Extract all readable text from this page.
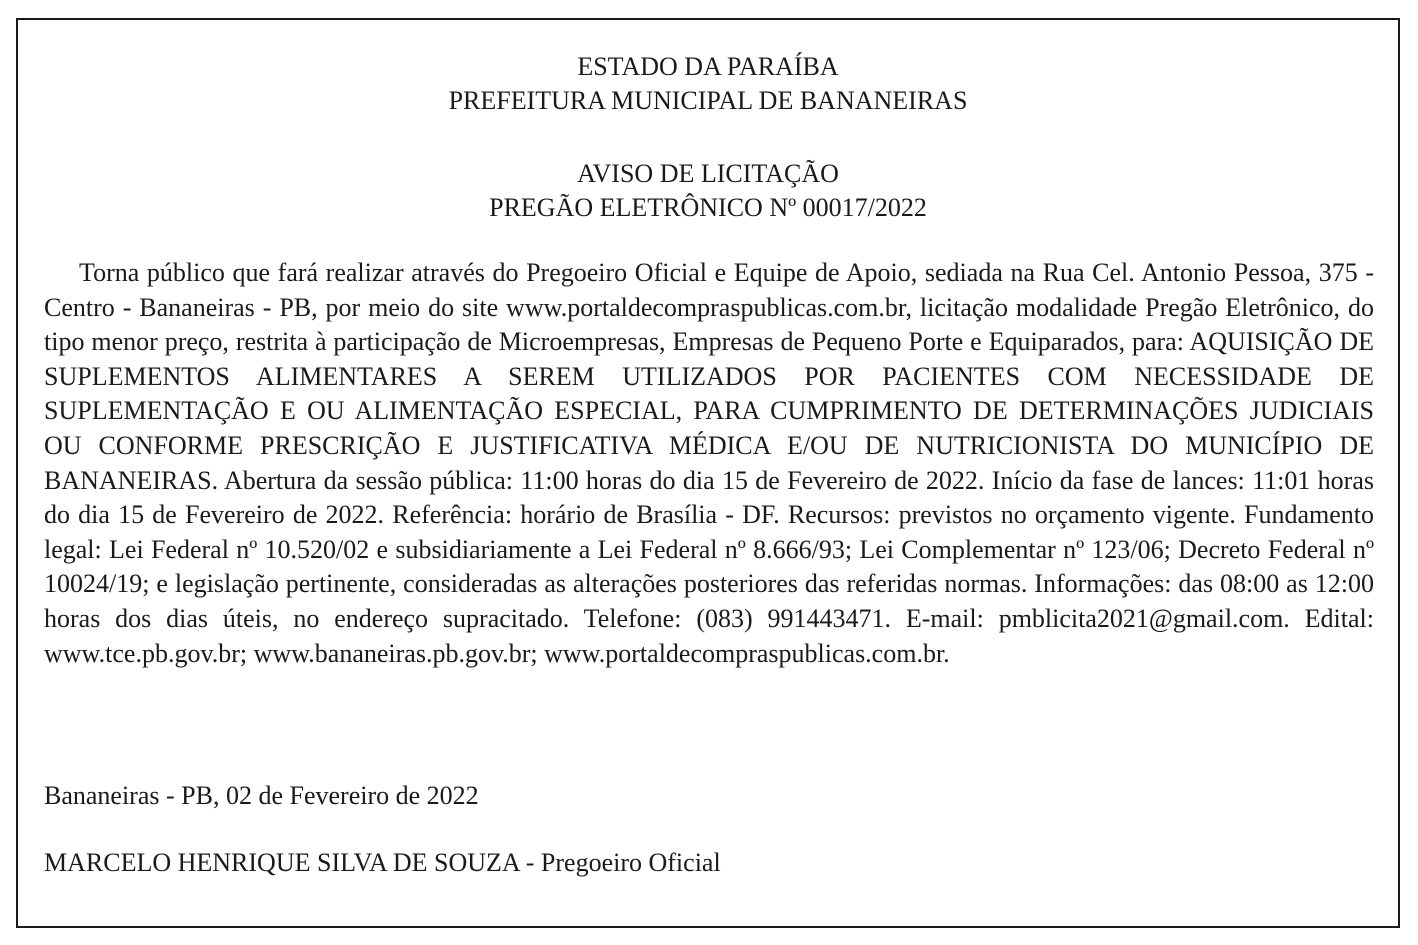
ESTADO DA PARAÍBA
PREFEITURA MUNICIPAL DE BANANEIRAS
AVISO DE LICITAÇÃO
PREGÃO ELETRÔNICO Nº 00017/2022

Torna público que fará realizar através do Pregoeiro Oficial e Equipe de Apoio, sediada na Rua Cel. Antonio Pessoa, 375 - Centro - Bananeiras - PB, por meio do site www.portaldecompraspublicas.com.br, licitação modalidade Pregão Eletrônico, do tipo menor preço, restrita à participação de Microempresas, Empresas de Pequeno Porte e Equiparados, para: AQUISIÇÃO DE SUPLEMENTOS ALIMENTARES A SEREM UTILIZADOS POR PACIENTES COM NECESSIDADE DE SUPLEMENTAÇÃO E OU ALIMENTAÇÃO ESPECIAL, PARA CUMPRIMENTO DE DETERMINAÇÕES JUDICIAIS OU CONFORME PRESCRIÇÃO E JUSTIFICATIVA MÉDICA E/OU DE NUTRICIONISTA DO MUNICÍPIO DE BANANEIRAS. Abertura da sessão pública: 11:00 horas do dia 15 de Fevereiro de 2022. Início da fase de lances: 11:01 horas do dia 15 de Fevereiro de 2022. Referência: horário de Brasília - DF. Recursos: previstos no orçamento vigente. Fundamento legal: Lei Federal nº 10.520/02 e subsidiariamente a Lei Federal nº 8.666/93; Lei Complementar nº 123/06; Decreto Federal nº 10024/19; e legislação pertinente, consideradas as alterações posteriores das referidas normas. Informações: das 08:00 as 12:00 horas dos dias úteis, no endereço supracitado. Telefone: (083) 991443471. E-mail: pmblicita2021@gmail.com. Edital: www.tce.pb.gov.br; www.bananeiras.pb.gov.br; www.portaldecompraspublicas.com.br.

Bananeiras - PB, 02 de Fevereiro de 2022
MARCELO HENRIQUE SILVA DE SOUZA - Pregoeiro Oficial
